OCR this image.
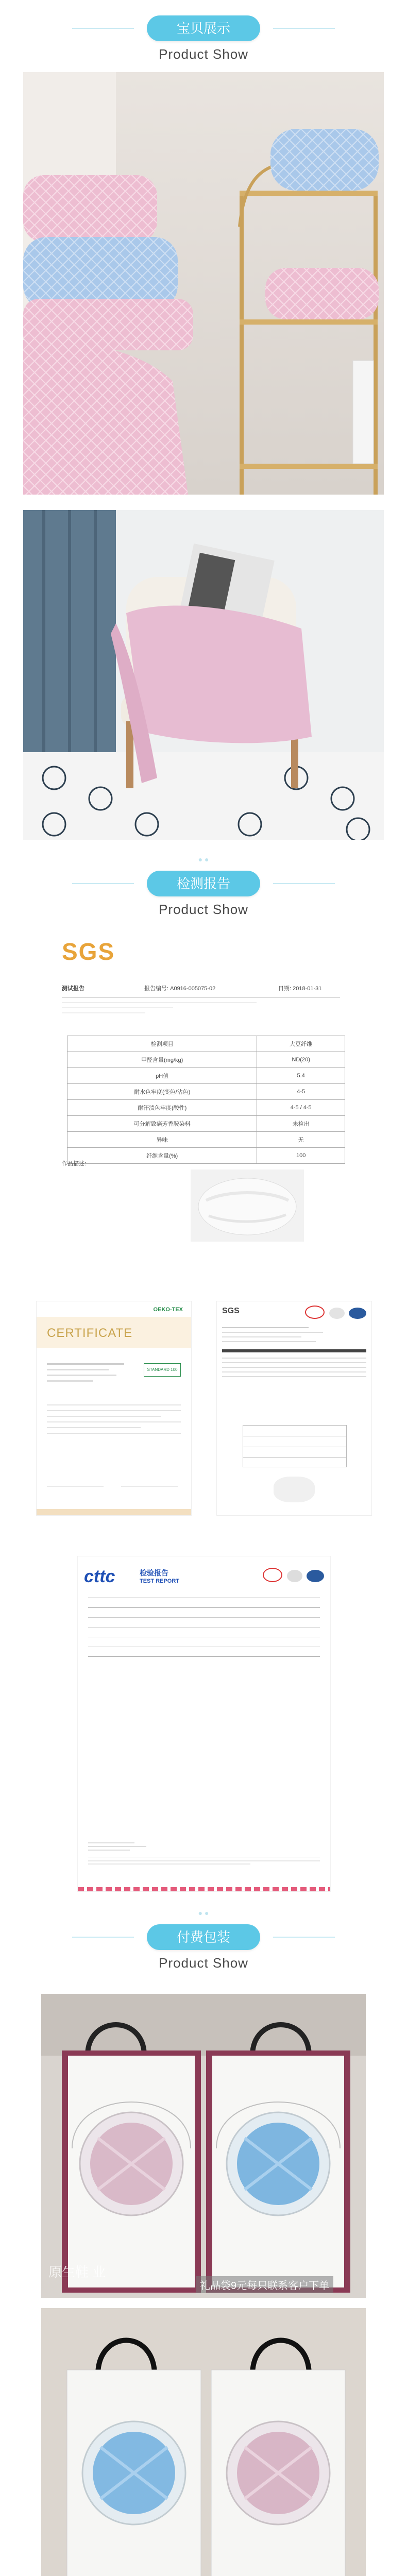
宝贝展示
Product Show
● ●
检测报告
Product Show
SGS
测试报告	报告编号: A0916-005075-02	日期: 2018-01-31
检测项目	大豆纤维
甲醛含量(mg/kg)	ND(20)
pH值	5.4
耐水色牢度(变色/沾色)	4-5
耐汗渍色牢度(酸性)	4-5 / 4-5
可分解致癌芳香胺染料	未检出
异味	无
纤维含量(%)	100
作品描述:
OEKO-TEX
CERTIFICATE
STANDARD 100

SGS

cttc	检验报告
TEST REPORT

● ●
付费包装
Product Show
原生鞋 业
礼品袋9元每只联系客户下单
